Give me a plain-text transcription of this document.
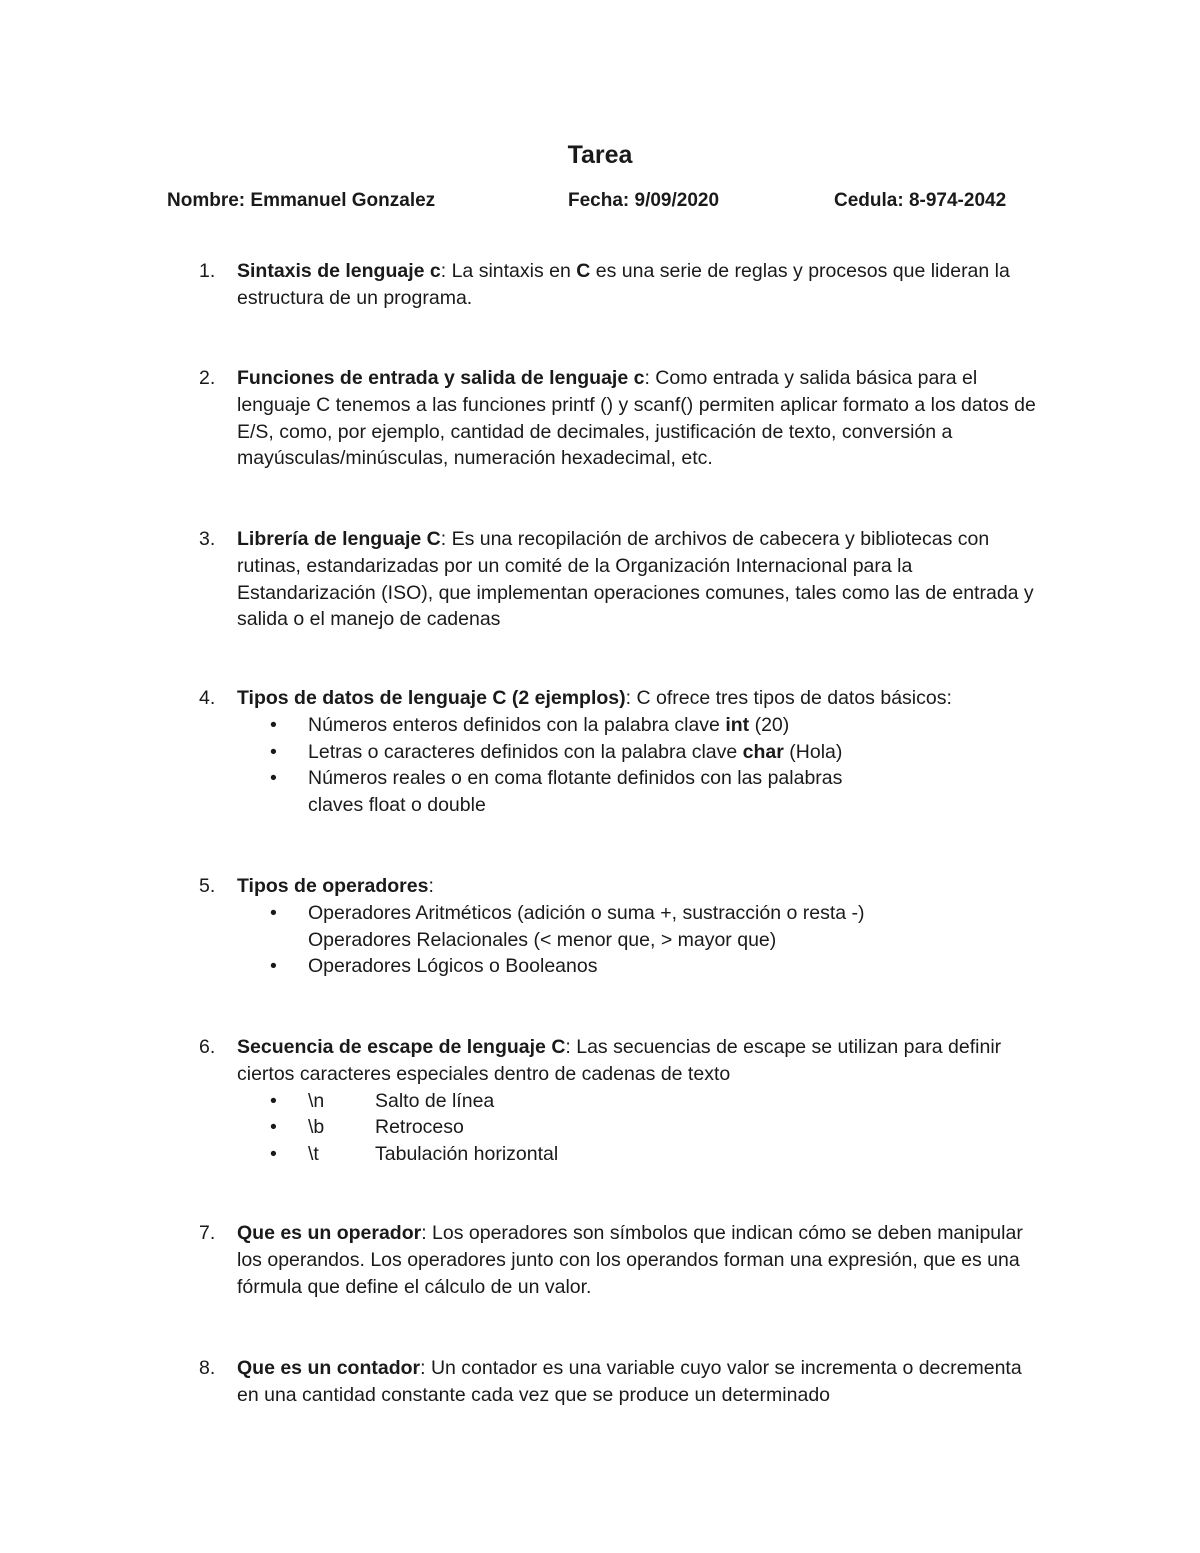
Tarea
Nombre: Emmanuel Gonzalez	Fecha: 9/09/2020	Cedula: 8-974-2042
1.	Sintaxis de lenguaje c: La sintaxis en C es una serie de reglas y procesos que lideran la estructura de un programa.

2.	Funciones de entrada y salida de lenguaje c: Como entrada y salida básica para el lenguaje C tenemos a las funciones printf () y scanf() permiten aplicar formato a los datos de E/S, como, por ejemplo, cantidad de decimales, justificación de texto, conversión a mayúsculas/minúsculas, numeración hexadecimal, etc.

3.	Librería de lenguaje C: Es una recopilación de archivos de cabecera y bibliotecas con rutinas, estandarizadas por un comité de la Organización Internacional para la Estandarización (ISO), que implementan operaciones comunes, tales como las de entrada y salida o el manejo de cadenas

4.	Tipos de datos de lenguaje C (2 ejemplos): C ofrece tres tipos de datos básicos:

• Números enteros definidos con la palabra clave int (20)
• Letras o caracteres definidos con la palabra clave char (Hola)
• Números reales o en coma flotante definidos con las palabras
claves float o double
5.	Tipos de operadores:

• Operadores Aritméticos (adición o suma +, sustracción o resta -)
Operadores Relacionales (< menor que, > mayor que)
• Operadores Lógicos o Booleanos
6.	Secuencia de escape de lenguaje C: Las secuencias de escape se utilizan para definir ciertos caracteres especiales dentro de cadenas de texto

• \n	Salto de línea
• \b	Retroceso
• \t	Tabulación horizontal
7.	Que es un operador: Los operadores son símbolos que indican cómo se deben manipular los operandos. Los operadores junto con los operandos forman una expresión, que es una fórmula que define el cálculo de un valor.

8.	Que es un contador: Un contador es una variable cuyo valor se incrementa o decrementa en una cantidad constante cada vez que se produce un determinado
